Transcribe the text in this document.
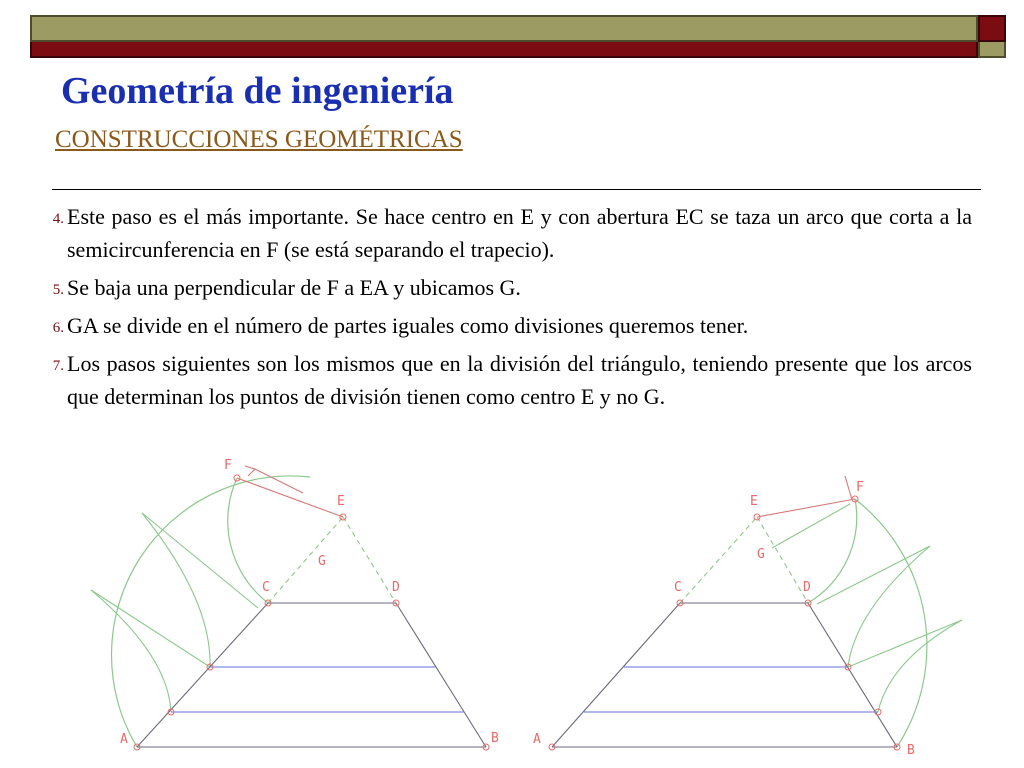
Geometría de ingeniería
CONSTRUCCIONES GEOMÉTRICAS
4. Este paso es el más importante. Se hace centro en E y con abertura EC se taza un arco que corta a la semicircunferencia en F (se está separando el trapecio).
5. Se baja una perpendicular de F a EA y ubicamos G.
6. GA se divide en el número de partes iguales como divisiones queremos tener.
7. Los pasos siguientes son los mismos que en la división del triángulo, teniendo presente que los arcos que determinan los puntos de división tienen como centro E y no G.
A	B
C	D
E
F
G
A
B
C	D
E
F
G
